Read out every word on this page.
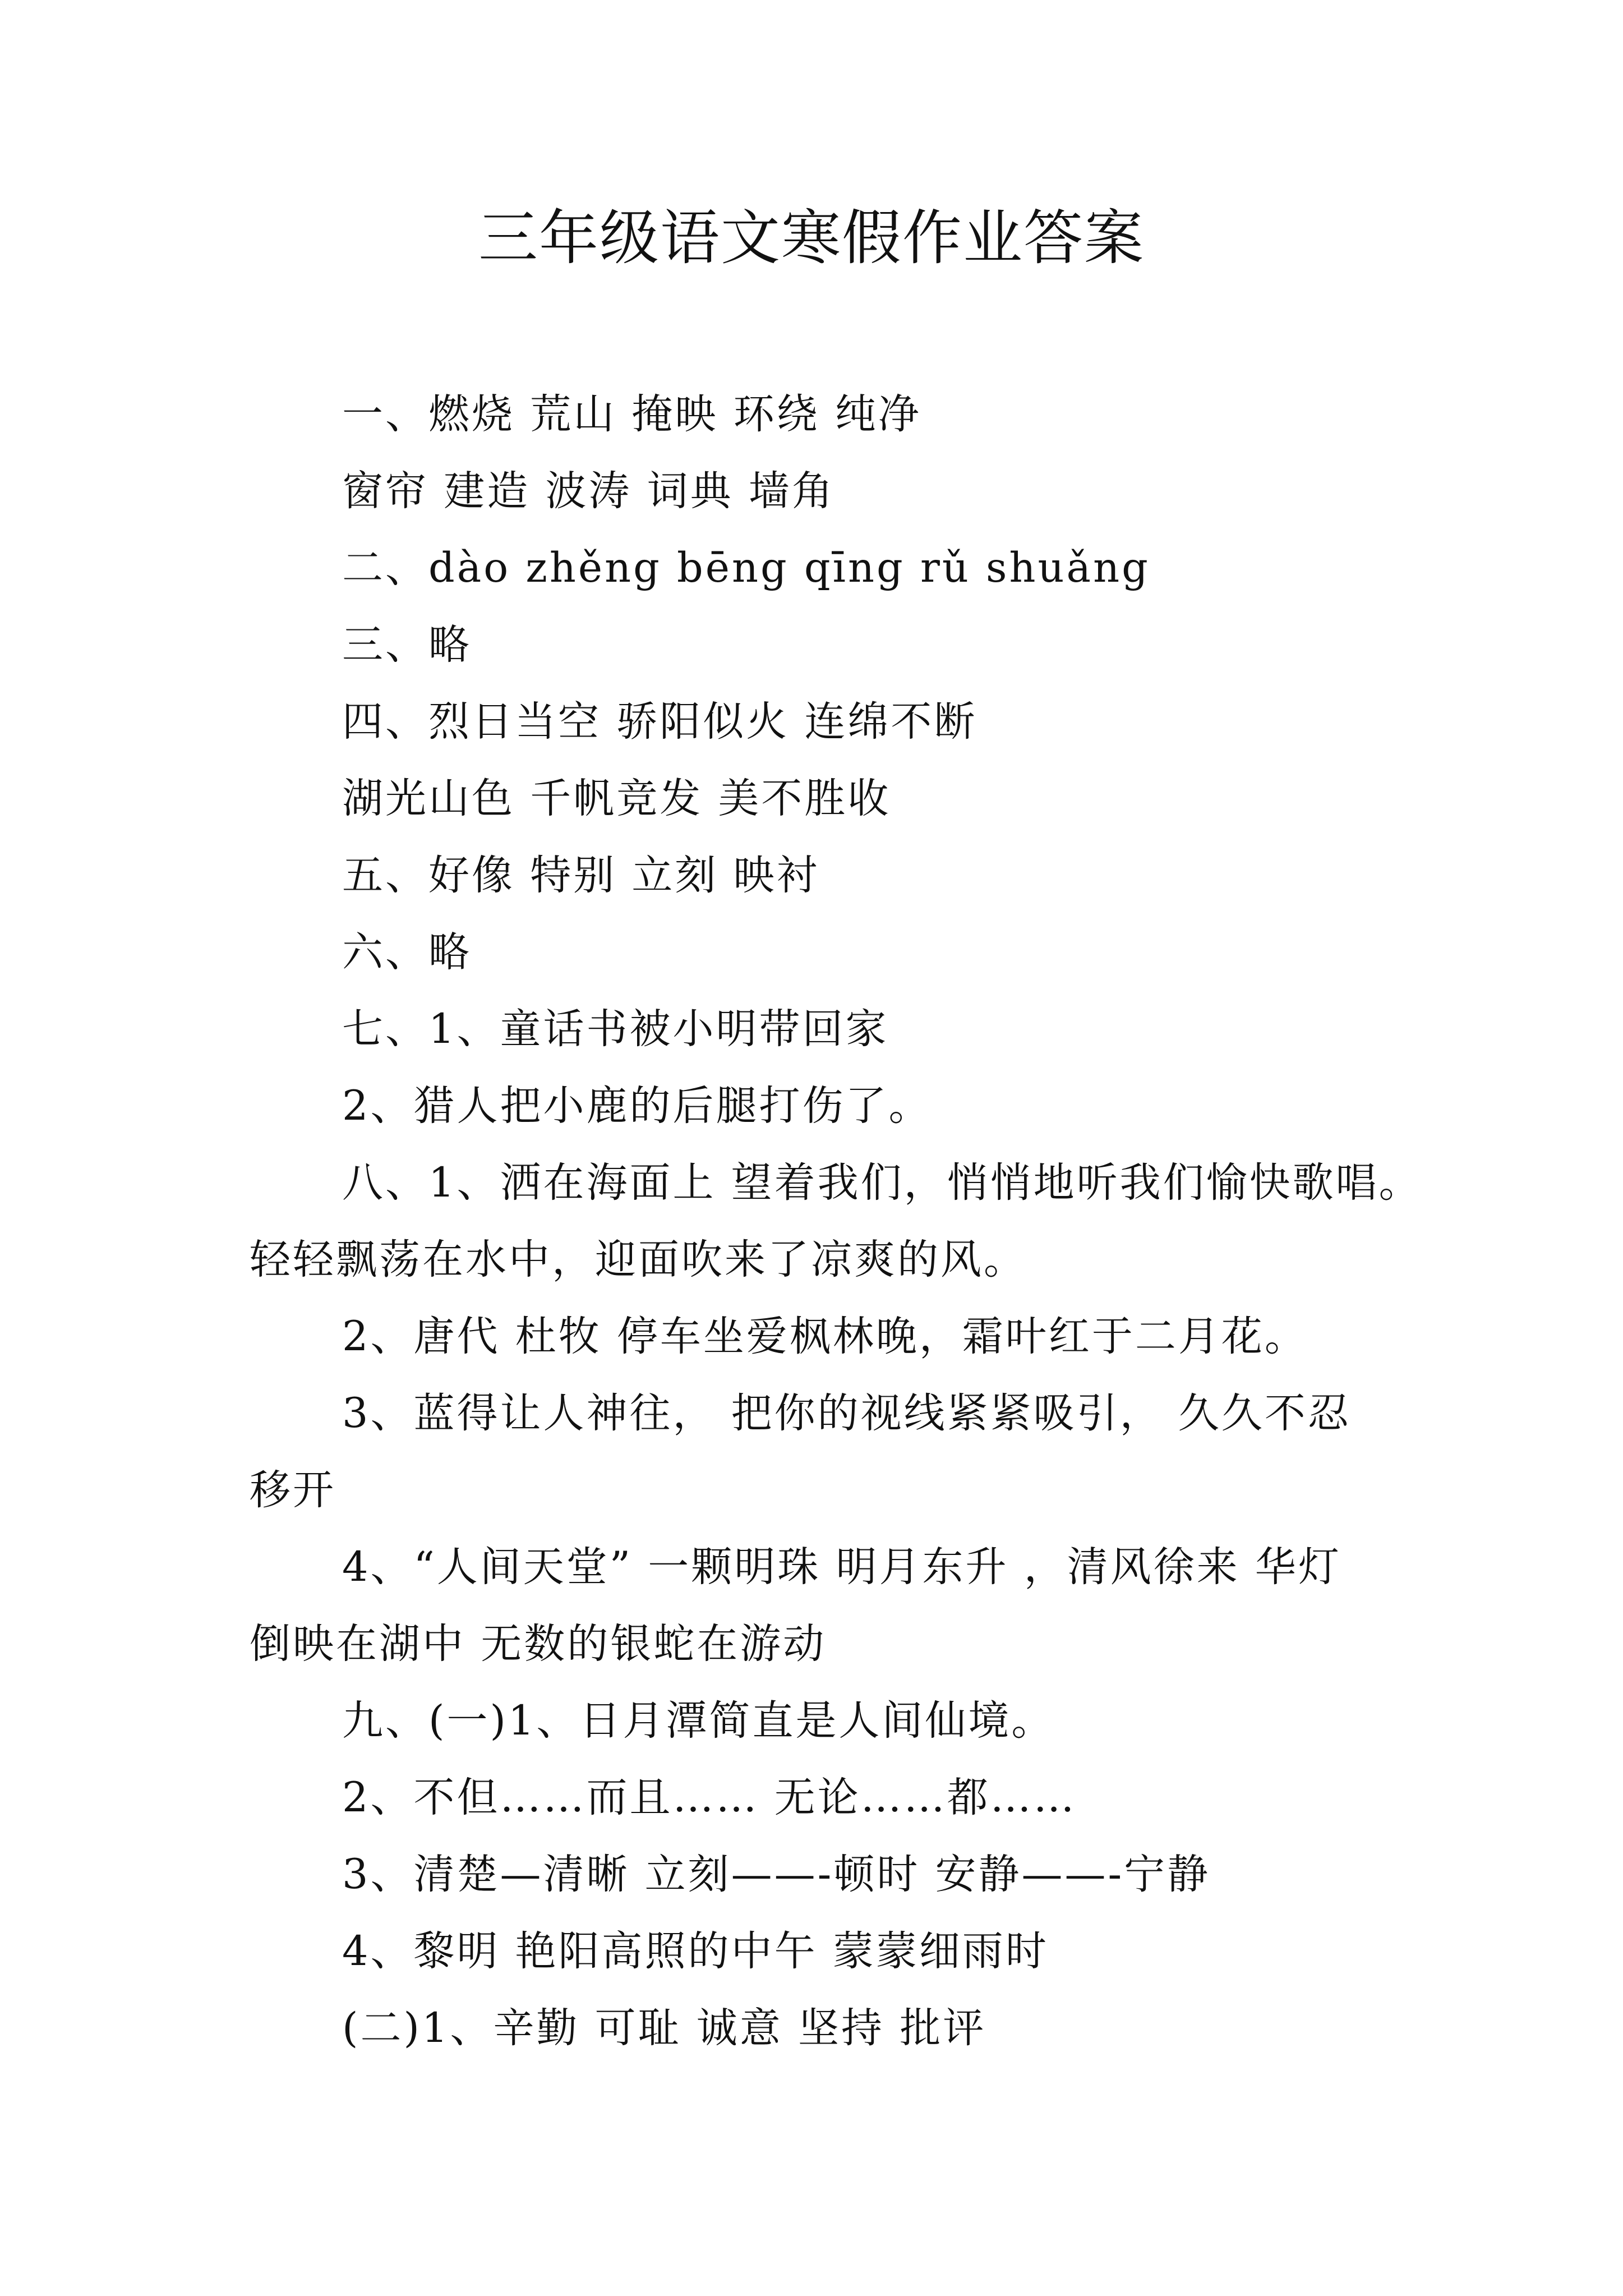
三年级语文寒假作业答案
一、燃烧 荒山 掩映 环绕 纯净
窗帘 建造 波涛 词典 墙角
二、dào zhěng bēng qīng rǔ shuǎng
三、略
四、烈日当空 骄阳似火 连绵不断
湖光山色 千帆竞发 美不胜收
五、好像 特别 立刻 映衬
六、略
七、1、童话书被小明带回家
2、猎人把小鹿的后腿打伤了。
八、1、洒在海面上 望着我们，悄悄地听我们愉快歌唱。
轻轻飘荡在水中，迎面吹来了凉爽的风。
2、唐代 杜牧 停车坐爱枫林晚，霜叶红于二月花。
3、蓝得让人神往， 把你的视线紧紧吸引， 久久不忍
移开
4、“人间天堂” 一颗明珠 明月东升 ，清风徐来 华灯
倒映在湖中 无数的银蛇在游动
九、(一)1、日月潭简直是人间仙境。
2、不但……而且…… 无论……都……
3、清楚—清晰 立刻——-顿时 安静——-宁静
4、黎明 艳阳高照的中午 蒙蒙细雨时
(二)1、辛勤 可耻 诚意 坚持 批评
